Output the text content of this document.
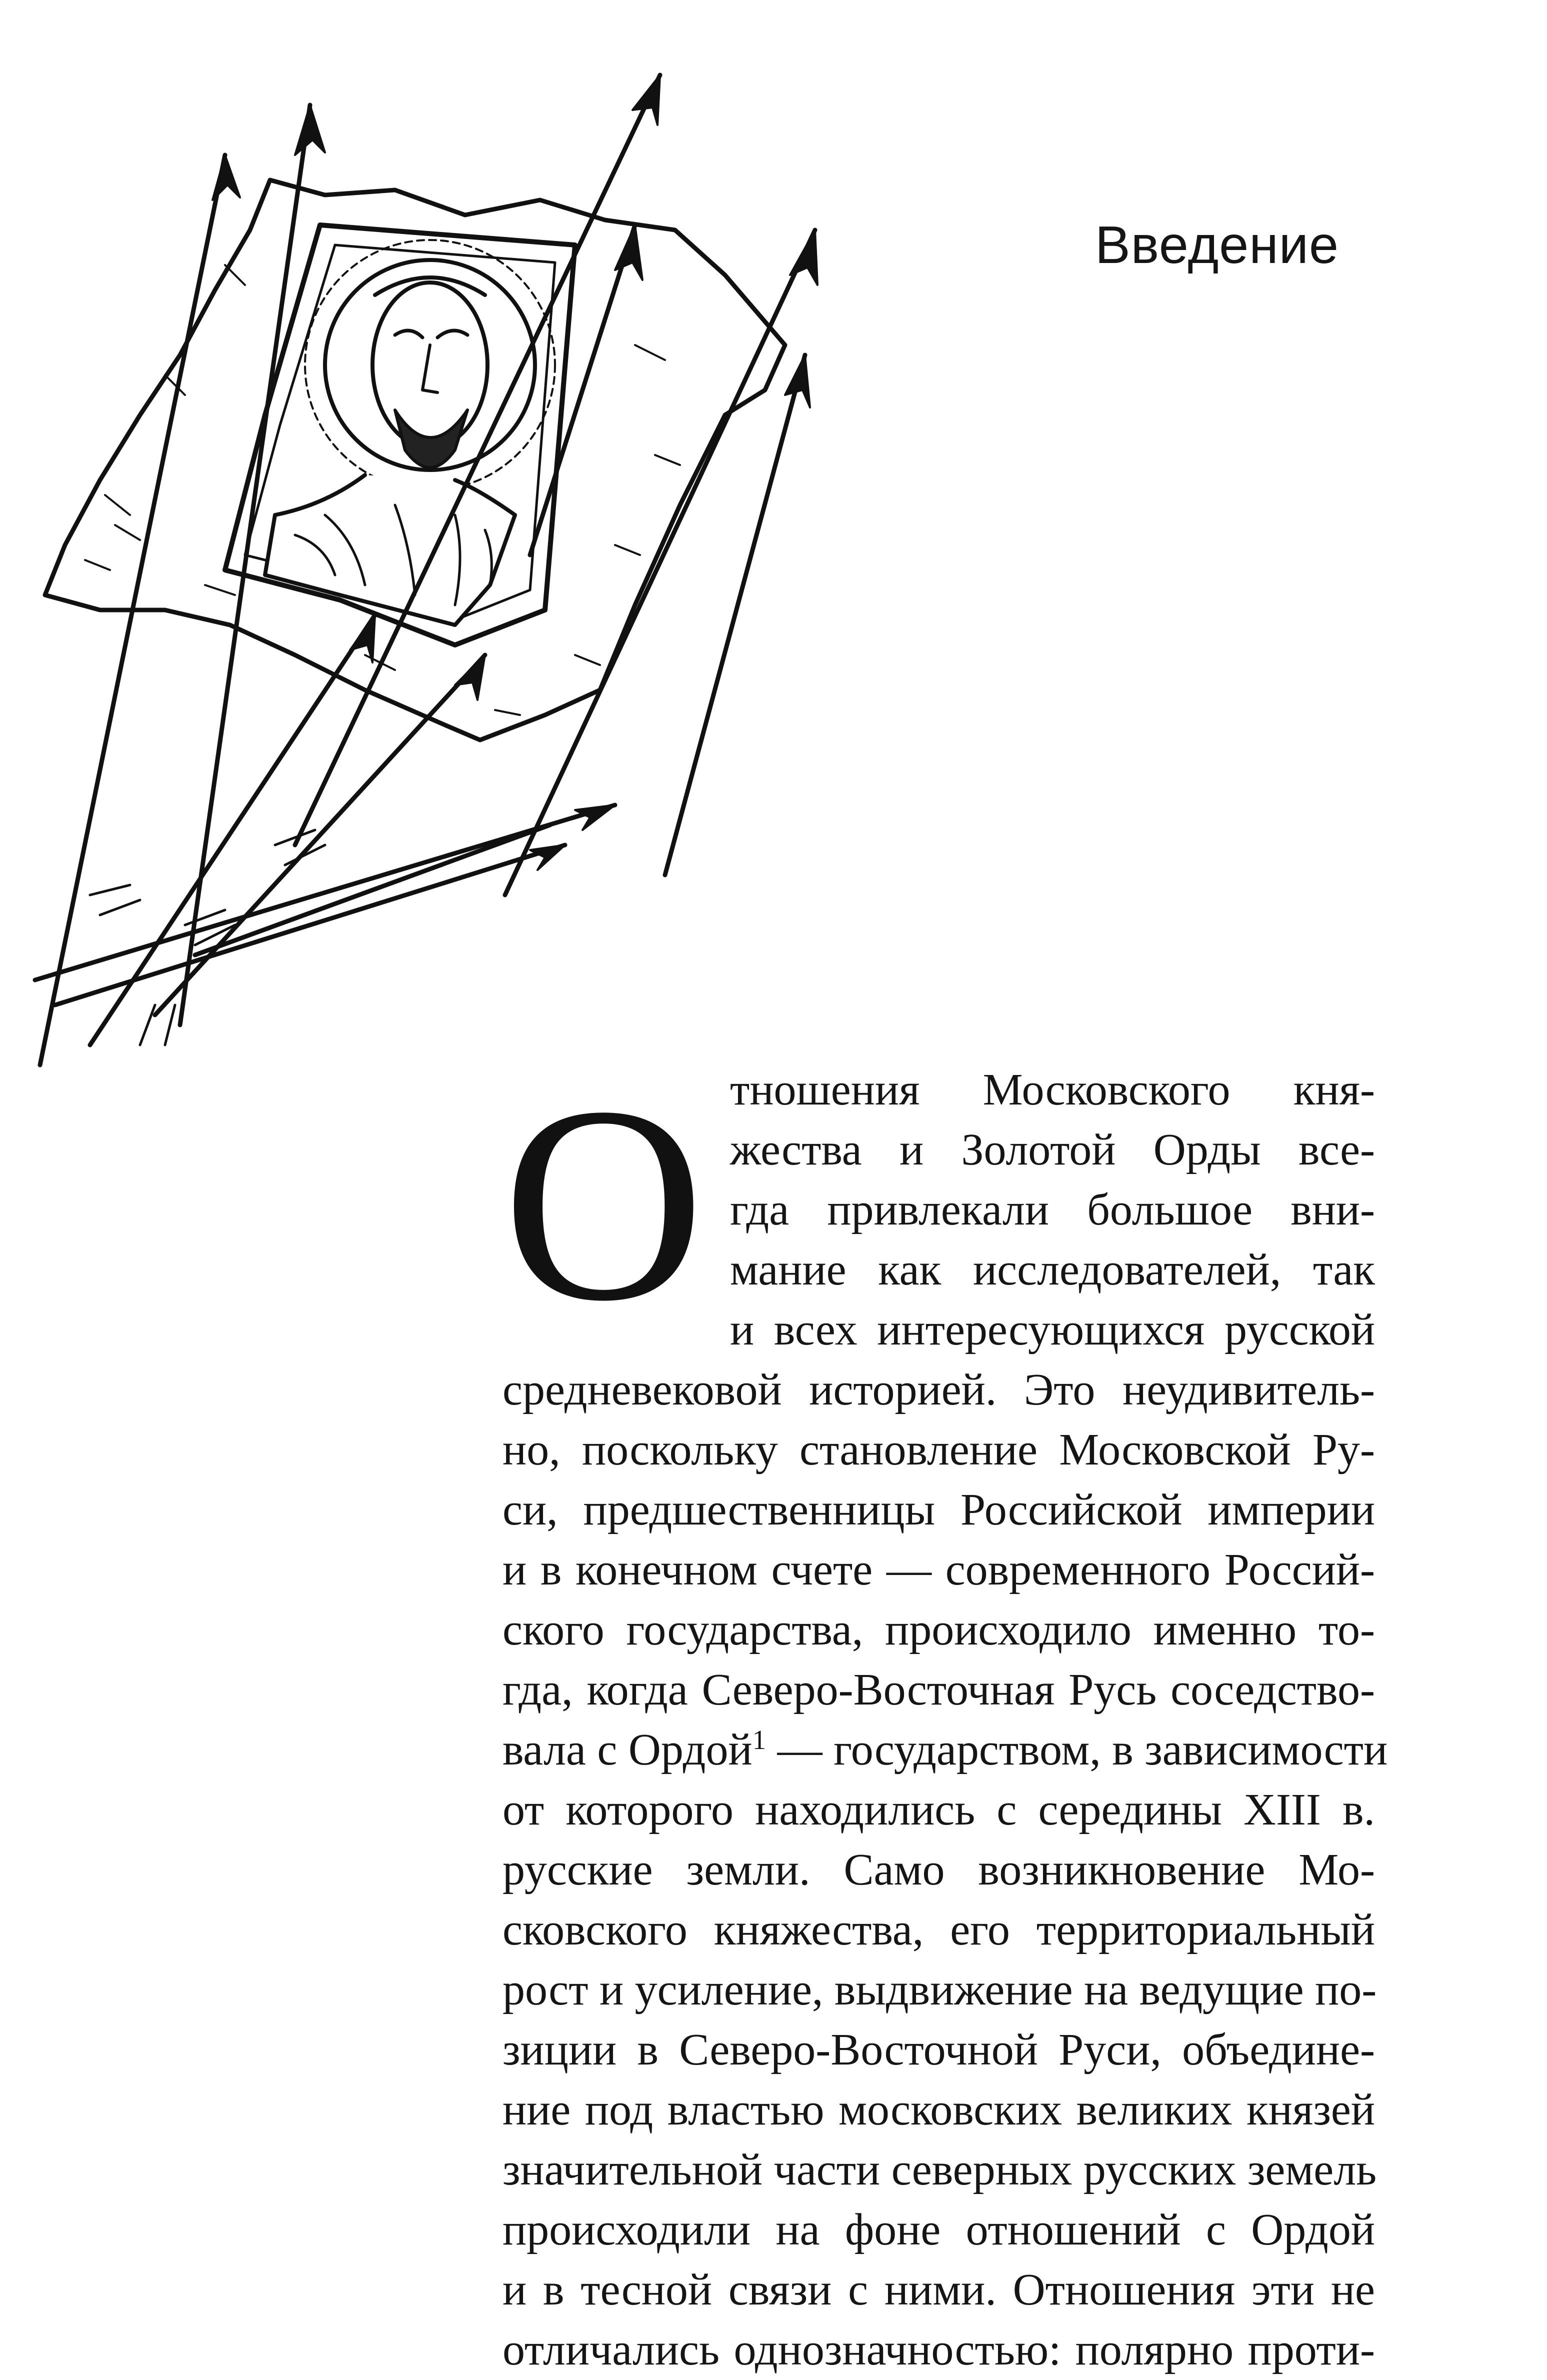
Введение
О тношения Московского кня-
жества и Золотой Орды все-
гда привлекали большое вни-
мание как исследователей, так
и всех интересующихся русской
средневековой историей. Это неудивитель-
но, поскольку становление Московской Ру-
си, предшественницы Российской империи
и в конечном счете — современного Россий-
ского государства, происходило именно то-
гда, когда Северо-Восточная Русь соседство-
вала с Ордой$^1$ — государством, в зависимости
от которого находились с середины XIII в.
русские земли. Само возникновение Мо-
сковского княжества, его территориальный
рост и усиление, выдвижение на ведущие по-
зиции в Северо-Восточной Руси, объедине-
ние под властью московских великих князей
значительной части северных русских земель
происходили на фоне отношений с Ордой
и в тесной связи с ними. Отношения эти не
отличались однозначностью: полярно проти-
